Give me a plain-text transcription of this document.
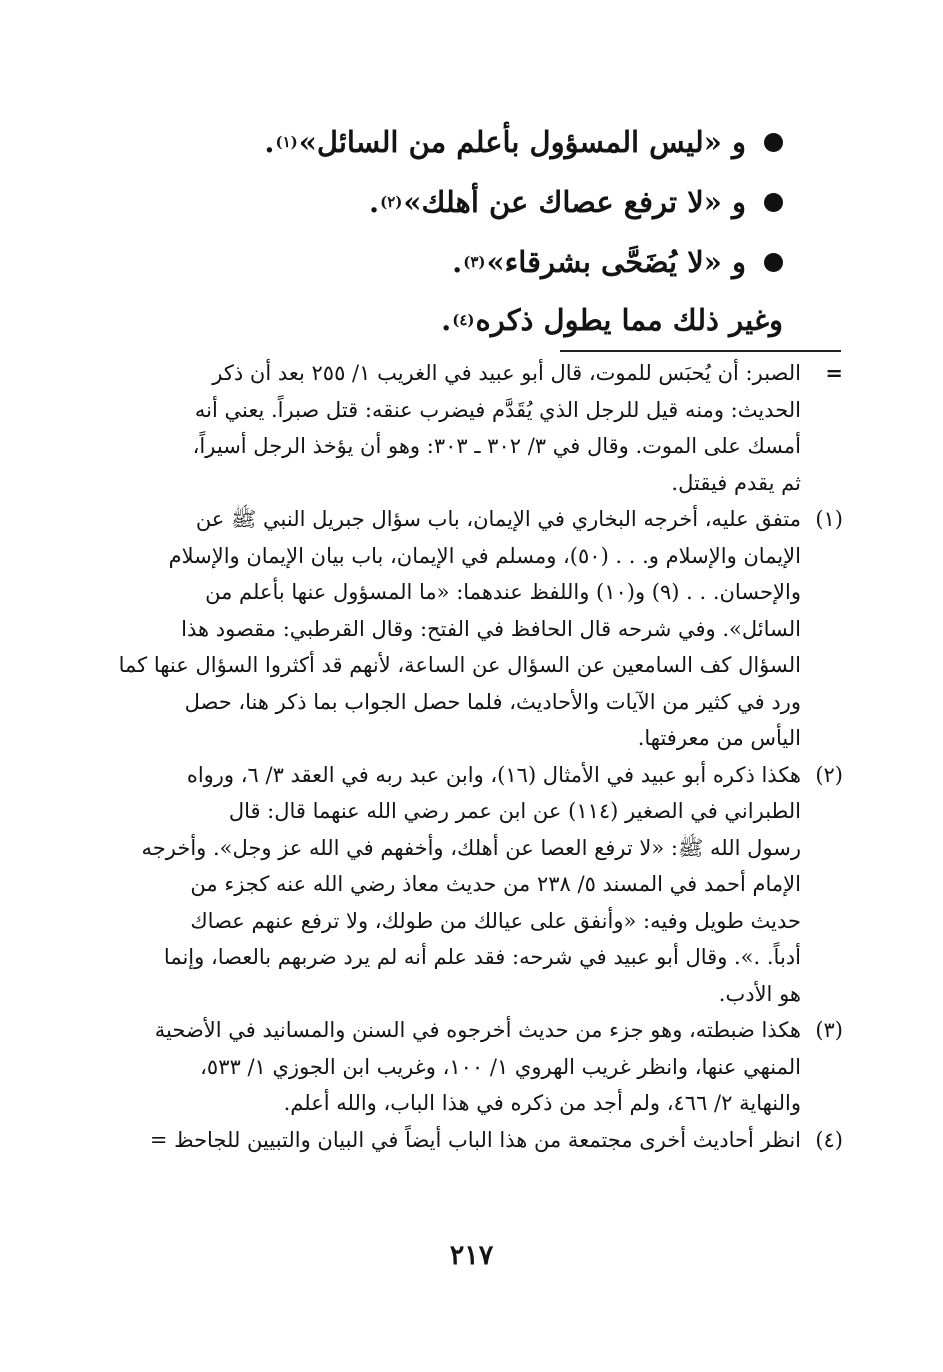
و

«ليس المسؤول بأعلم من السائل»
(١)
.
و

«لا ترفع عصاك عن أهلك»
(٢)
.
و

«لا يُضَحَّى بشرقاء»
(٣)
.
وغير ذلك مما يطول ذكره
(٤)
.
=
الصبر: أن يُحبَس للموت، قال أبو عبيد في الغريب ١/ ٢٥٥ بعد أن ذكر
الحديث: ومنه قيل للرجل الذي يُقَدَّم فيضرب عنقه: قتل صبراً. يعني أنه
أمسك على الموت. وقال في ٣/ ٣٠٢ ـ ٣٠٣: وهو أن يؤخذ الرجل أسيراً،
ثم يقدم فيقتل.
(١)
متفق عليه، أخرجه البخاري في الإيمان، باب سؤال جبريل النبي ﷺ عن
الإيمان والإسلام و. . . (٥٠)، ومسلم في الإيمان، باب بيان الإيمان والإسلام
والإحسان. . . (٩) و(١٠) واللفظ عندهما: «ما المسؤول عنها بأعلم من
السائل». وفي شرحه قال الحافظ في الفتح: وقال القرطبي: مقصود هذا
السؤال كف السامعين عن السؤال عن الساعة، لأنهم قد أكثروا السؤال عنها كما
ورد في كثير من الآيات والأحاديث، فلما حصل الجواب بما ذكر هنا، حصل
اليأس من معرفتها.
(٢)
هكذا ذكره أبو عبيد في الأمثال (١٦)، وابن عبد ربه في العقد ٣/ ٦، ورواه
الطبراني في الصغير (١١٤) عن ابن عمر رضي الله عنهما قال: قال
رسول الله ﷺ: «لا ترفع العصا عن أهلك، وأخفهم في الله عز وجل». وأخرجه
الإمام أحمد في المسند ٥/ ٢٣٨ من حديث معاذ رضي الله عنه كجزء من
حديث طويل وفيه: «وأنفق على عيالك من طولك، ولا ترفع عنهم عصاك
أدباً. .». وقال أبو عبيد في شرحه: فقد علم أنه لم يرد ضربهم بالعصا، وإنما
هو الأدب.
(٣)
هكذا ضبطته، وهو جزء من حديث أخرجوه في السنن والمسانيد في الأضحية
المنهي عنها، وانظر غريب الهروي ١/ ١٠٠، وغريب ابن الجوزي ١/ ٥٣٣،
والنهاية ٢/ ٤٦٦، ولم أجد من ذكره في هذا الباب، والله أعلم.
(٤)
انظر أحاديث أخرى مجتمعة من هذا الباب أيضاً في البيان والتبيين للجاحظ =
٢١٧
